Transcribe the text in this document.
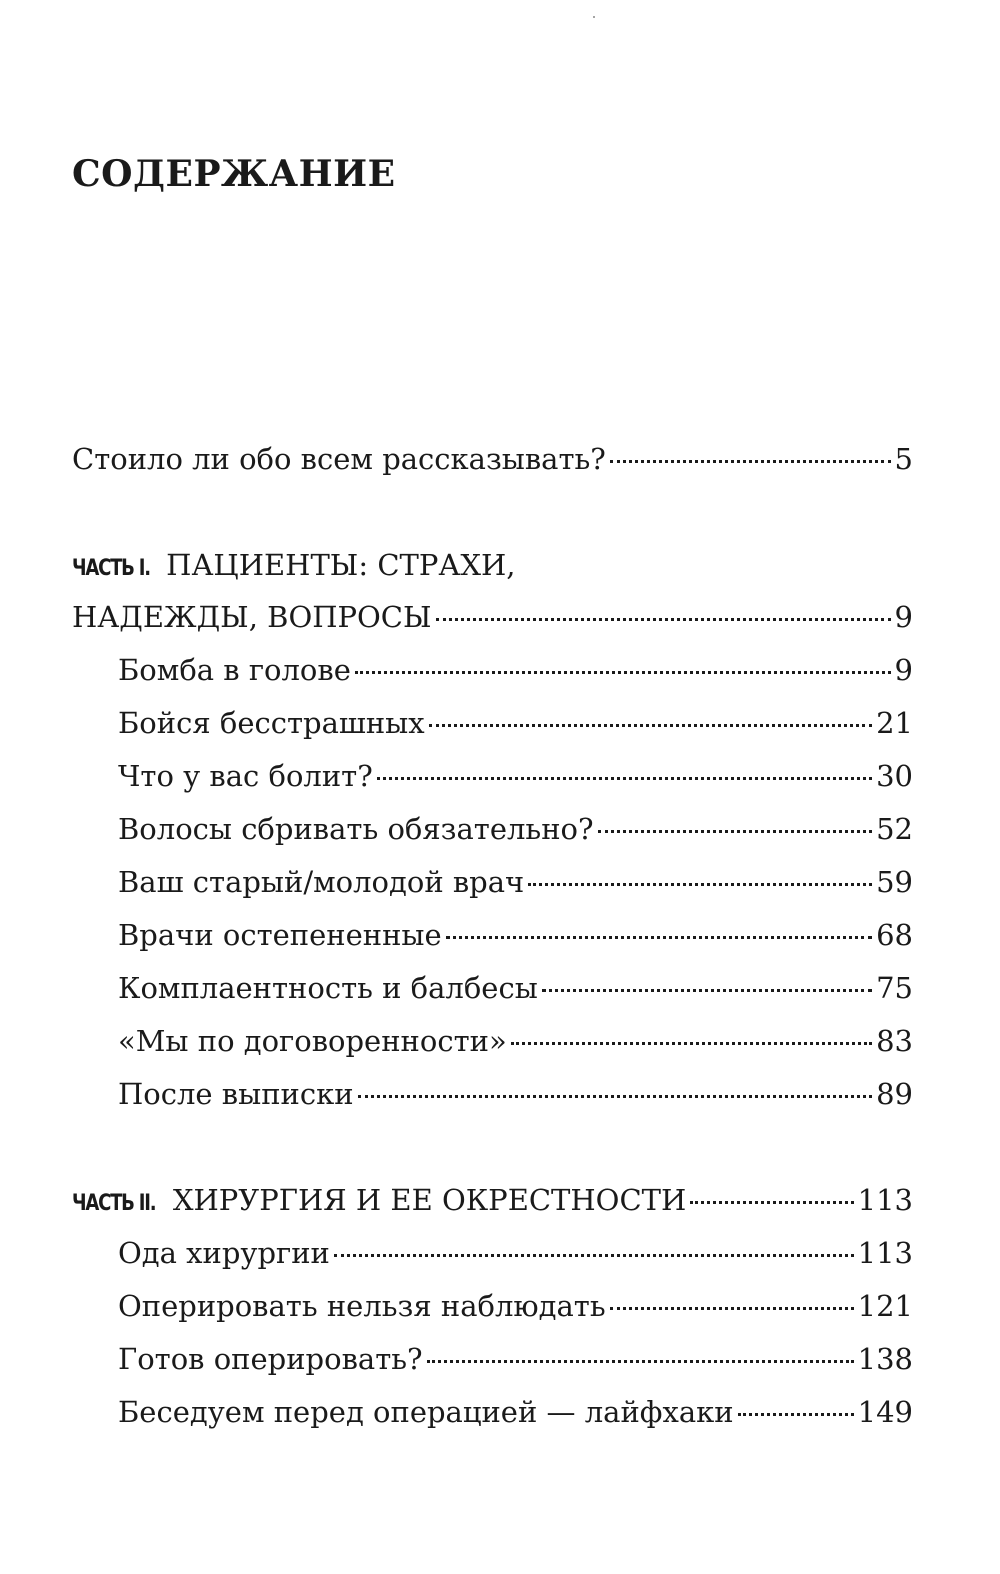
СОДЕРЖАНИЕ
Стоило ли обо всем рассказывать?	5
ЧАСТЬ I. ПАЦИЕНТЫ: СТРАХИ,
НАДЕЖДЫ, ВОПРОСЫ	9
Бомба в голове	9
Бойся бесстрашных	21
Что у вас болит?	30
Волосы сбривать обязательно?	52
Ваш старый/молодой врач	59
Врачи остепененные	68
Комплаентность и балбесы	75
«Мы по договоренности»	83
После выписки	89
ЧАСТЬ II. ХИРУРГИЯ И ЕЕ ОКРЕСТНОСТИ	113
Ода хирургии	113
Оперировать нельзя наблюдать	121
Готов оперировать?	138
Беседуем перед операцией — лайфхаки	149
